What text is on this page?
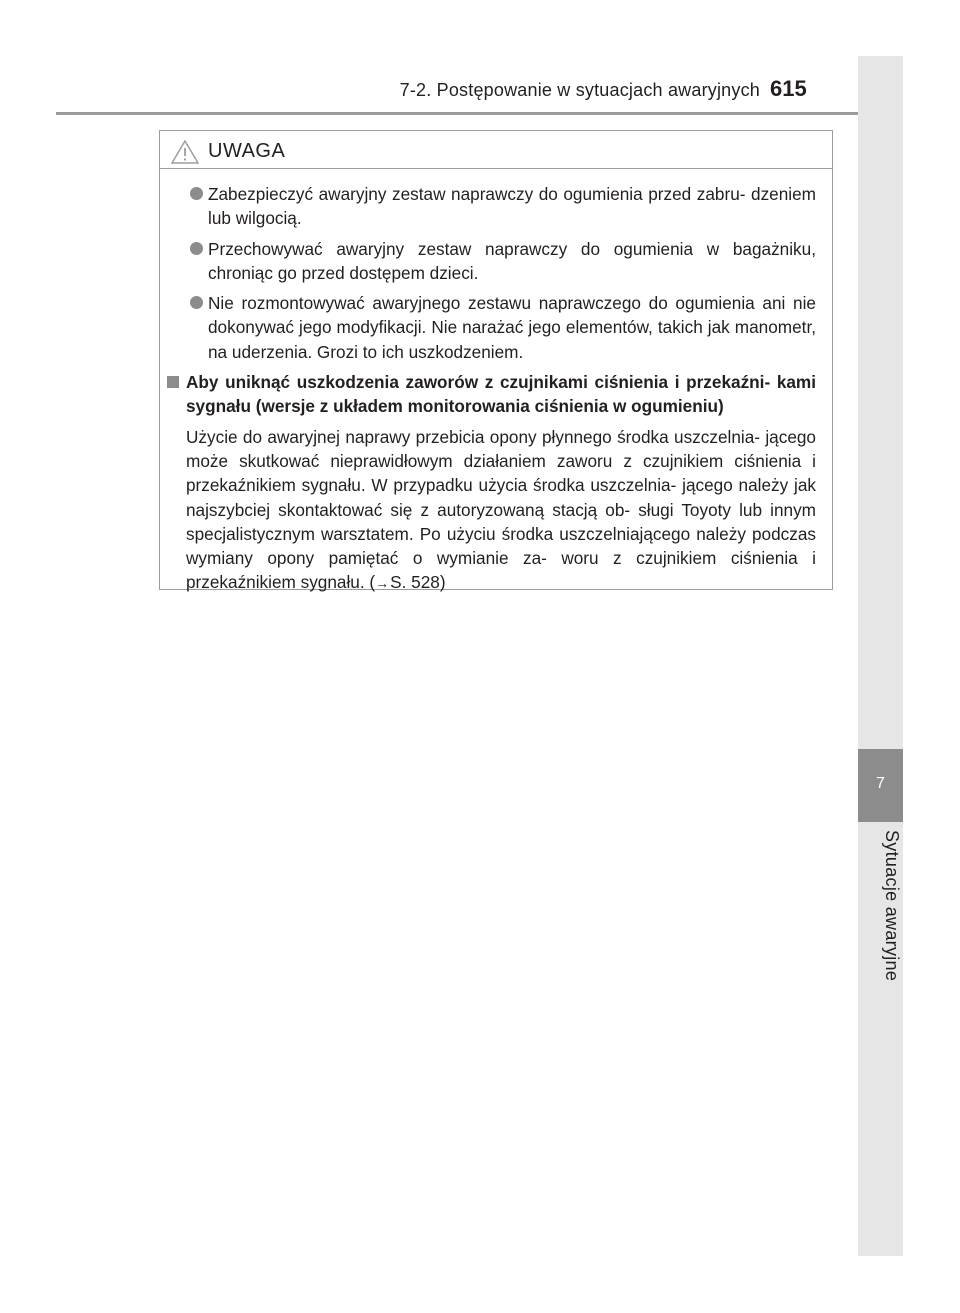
7-2. Postępowanie w sytuacjach awaryjnych 615
7
Sytuacje awaryjne
UWAGA
Zabezpieczyć awaryjny zestaw naprawczy do ogumienia przed zabru- dzeniem lub wilgocią.
Przechowywać awaryjny zestaw naprawczy do ogumienia w bagażniku, chroniąc go przed dostępem dzieci.
Nie rozmontowywać awaryjnego zestawu naprawczego do ogumienia ani nie dokonywać jego modyfikacji. Nie narażać jego elementów, takich jak manometr, na uderzenia. Grozi to ich uszkodzeniem.

Aby uniknąć uszkodzenia zaworów z czujnikami ciśnienia i przekaźni- kami sygnału (wersje z układem monitorowania ciśnienia w ogumieniu)

Użycie do awaryjnej naprawy przebicia opony płynnego środka uszczelnia- jącego może skutkować nieprawidłowym działaniem zaworu z czujnikiem ciśnienia i przekaźnikiem sygnału. W przypadku użycia środka uszczelnia- jącego należy jak najszybciej skontaktować się z autoryzowaną stacją ob- sługi Toyoty lub innym specjalistycznym warsztatem. Po użyciu środka uszczelniającego należy podczas wymiany opony pamiętać o wymianie za- woru z czujnikiem ciśnienia i przekaźnikiem sygnału. (→S. 528)
